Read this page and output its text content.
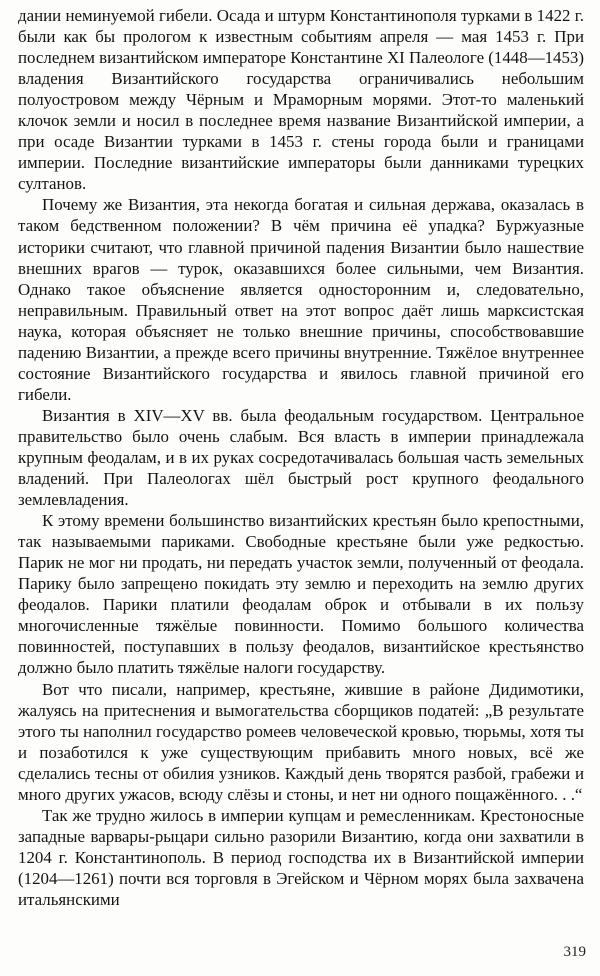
дании неминуемой гибели. Осада и штурм Константинополя турками в 1422 г. были как бы прологом к известным событиям апреля — мая 1453 г. При последнем византийском императоре Константине XI Палеологе (1448—1453) владения Византийского государства ограничивались небольшим полуостровом между Чёрным и Мраморным морями. Этот-то маленький клочок земли и носил в последнее время название Византийской империи, а при осаде Византии турками в 1453 г. стены города были и границами империи. Последние византийские императоры были данниками турецких султанов.

Почему же Византия, эта некогда богатая и сильная держава, оказалась в таком бедственном положении? В чём причина её упадка? Буржуазные историки считают, что главной причиной падения Византии было нашествие внешних врагов — турок, оказавшихся более сильными, чем Византия. Однако такое объяснение является односторонним и, следовательно, неправильным. Правильный ответ на этот вопрос даёт лишь марксистская наука, которая объясняет не только внешние причины, способствовавшие падению Византии, а прежде всего причины внутренние. Тяжёлое внутреннее состояние Византийского государства и явилось главной причиной его гибели.

Византия в XIV—XV вв. была феодальным государством. Центральное правительство было очень слабым. Вся власть в империи принадлежала крупным феодалам, и в их руках сосредотачивалась большая часть земельных владений. При Палеологах шёл быстрый рост крупного феодального землевладения.

К этому времени большинство византийских крестьян было крепостными, так называемыми париками. Свободные крестьяне были уже редкостью. Парик не мог ни продать, ни передать участок земли, полученный от феодала. Парику было запрещено покидать эту землю и переходить на землю других феодалов. Парики платили феодалам оброк и отбывали в их пользу многочисленные тяжёлые повинности. Помимо большого количества повинностей, поступавших в пользу феодалов, византийское крестьянство должно было платить тяжёлые налоги государству.

Вот что писали, например, крестьяне, жившие в районе Дидимотики, жалуясь на притеснения и вымогательства сборщиков податей: „В результате этого ты наполнил государство ромеев человеческой кровью, тюрьмы, хотя ты и позаботился к уже существующим прибавить много новых, всё же сделались тесны от обилия узников. Каждый день творятся разбой, грабежи и много других ужасов, всюду слёзы и стоны, и нет ни одного пощажённого. . .“

Так же трудно жилось в империи купцам и ремесленникам. Крестоносные западные варвары-рыцари сильно разорили Византию, когда они захватили в 1204 г. Константинополь. В период господства их в Византийской империи (1204—1261) почти вся торговля в Эгейском и Чёрном морях была захвачена итальянскими

319
